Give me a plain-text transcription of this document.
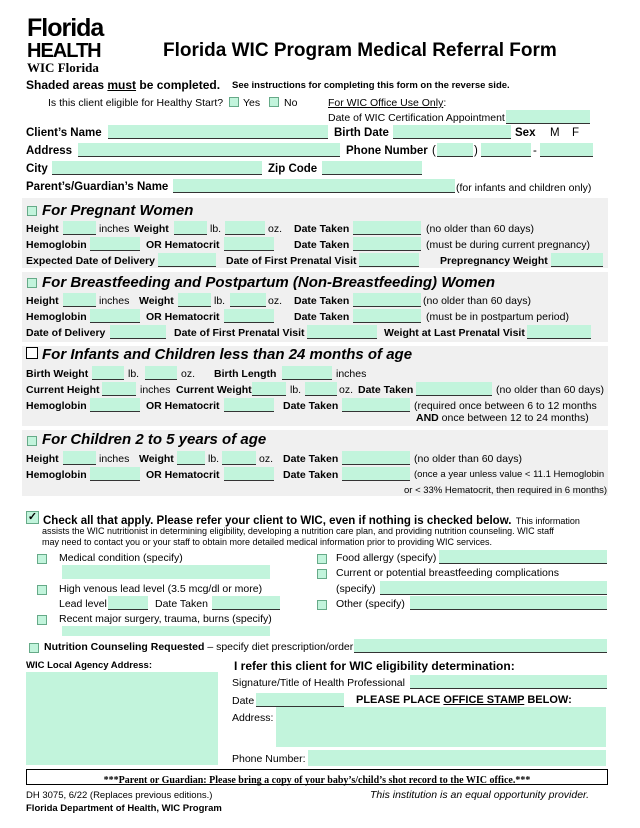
Florida
HEALTH
WIC Florida
Florida WIC Program Medical Referral Form
Shaded areas must be completed. See instructions for completing this form on the reverse side.
Is this client eligible for Healthy Start? Yes No	For WIC Office Use Only:
Date of WIC Certification Appointment
Client’s Name	Birth Date	Sex M F
Address	Phone Number (	)	-
City	Zip Code
Parent’s/Guardian’s Name	(for infants and children only)
For Pregnant Women
Height	inches Weight	lb.	oz. Date Taken	(no older than 60 days)
Hemoglobin	OR Hematocrit	Date Taken	(must be during current pregnancy)
Expected Date of Delivery	Date of First Prenatal Visit	Prepregnancy Weight
For Breastfeeding and Postpartum (Non-Breastfeeding) Women
Height	inches Weight	lb.	oz. Date Taken	(no older than 60 days)
Hemoglobin	OR Hematocrit	Date Taken	(must be in postpartum period)
Date of Delivery	Date of First Prenatal Visit	Weight at Last Prenatal Visit
For Infants and Children less than 24 months of age
Birth Weight	lb.	oz. Birth Length	inches
Current Height	inches Current Weight	lb.	oz. Date Taken	(no older than 60 days)
Hemoglobin	OR Hematocrit	Date Taken	(required once between 6 to 12 months
AND once between 12 to 24 months)
For Children 2 to 5 years of age
Height	inches Weight	lb.	oz. Date Taken	(no older than 60 days)
Hemoglobin	OR Hematocrit	Date Taken	(once a year unless value < 11.1 Hemoglobin
or < 33% Hematocrit, then required in 6 months)
✓ Check all that apply. Please refer your client to WIC, even if nothing is checked below. This information
assists the WIC nutritionist in determining eligibility, developing a nutrition care plan, and providing nutrition counseling. WIC staff
may need to contact you or your staff to obtain more detailed medical information prior to providing WIC services.
Medical condition (specify)
High venous lead level (3.5 mcg/dl or more)
Lead level	Date Taken
Recent major surgery, trauma, burns (specify)
Food allergy (specify)
Current or potential breastfeeding complications
(specify)
Other (specify)
Nutrition Counseling Requested – specify diet prescription/order
WIC Local Agency Address:	I refer this client for WIC eligibility determination:
Signature/Title of Health Professional
Date	PLEASE PLACE OFFICE STAMP BELOW:
Address:
Phone Number:
***Parent or Guardian: Please bring a copy of your baby’s/child’s shot record to the WIC office.***
DH 3075, 6/22 (Replaces previous editions.)
Florida Department of Health, WIC Program
This institution is an equal opportunity provider.
